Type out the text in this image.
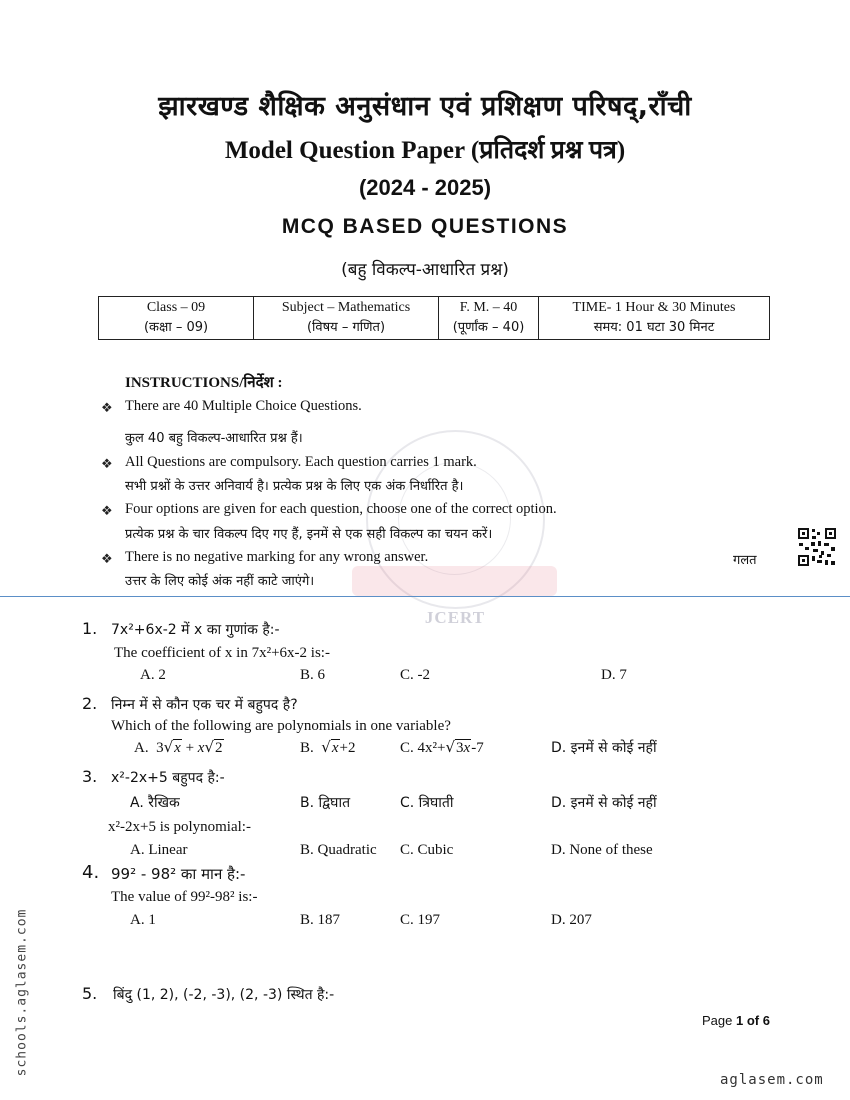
झारखण्ड शैक्षिक अनुसंधान एवं प्रशिक्षण परिषद्,राँची
Model Question Paper (प्रतिदर्श प्रश्न पत्र)
(2024 - 2025)
MCQ BASED QUESTIONS
(बहु विकल्प-आधारित प्रश्न)
Class – 09
(कक्षा – 09)

Subject – Mathematics
(विषय – गणित)

F. M. – 40
(पूर्णांक – 40)

TIME- 1 Hour & 30 Minutes
समय: 01 घटा 30 मिनट
JCERT
INSTRUCTIONS/निर्देश :
❖ There are 40 Multiple Choice Questions.
कुल 40 बहु विकल्प-आधारित प्रश्न हैं।
❖ All Questions are compulsory. Each question carries 1 mark.
सभी प्रश्नों के उत्तर अनिवार्य है। प्रत्येक प्रश्न के लिए एक अंक निर्धारित है।
❖ Four options are given for each question, choose one of the correct option.
प्रत्येक प्रश्न के चार विकल्प दिए गए हैं, इनमें से एक सही विकल्प का चयन करें।
❖ There is no negative marking for any wrong answer.	गलत
उत्तर के लिए कोई अंक नहीं काटे जाएंगे।
1. 7x²+6x-2 में x का गुणांक है:-
The coefficient of x in 7x²+6x-2 is:-
A. 2	B. 6	C. -2	D. 7
2. निम्न में से कौन एक चर में बहुपद है?
Which of the following are polynomials in one variable?
A.  3√x + x√2	B. √x+2	C. 4x²+√3x-7	D. इनमें से कोई नहीं
3. x²-2x+5 बहुपद है:-
A. रैखिक	B. द्विघात	C. त्रिघाती	D. इनमें से कोई नहीं
x²-2x+5 is polynomial:-
A. Linear	B. Quadratic C. Cubic	D. None of these
4. 99² - 98² का मान है:-
The value of 99²-98² is:-
A. 1	B. 187	C. 197	D. 207
5. बिंदु (1, 2), (-2, -3), (2, -3) स्थित है:-
Page 1 of 6
schools.aglasem.com
aglasem.com
